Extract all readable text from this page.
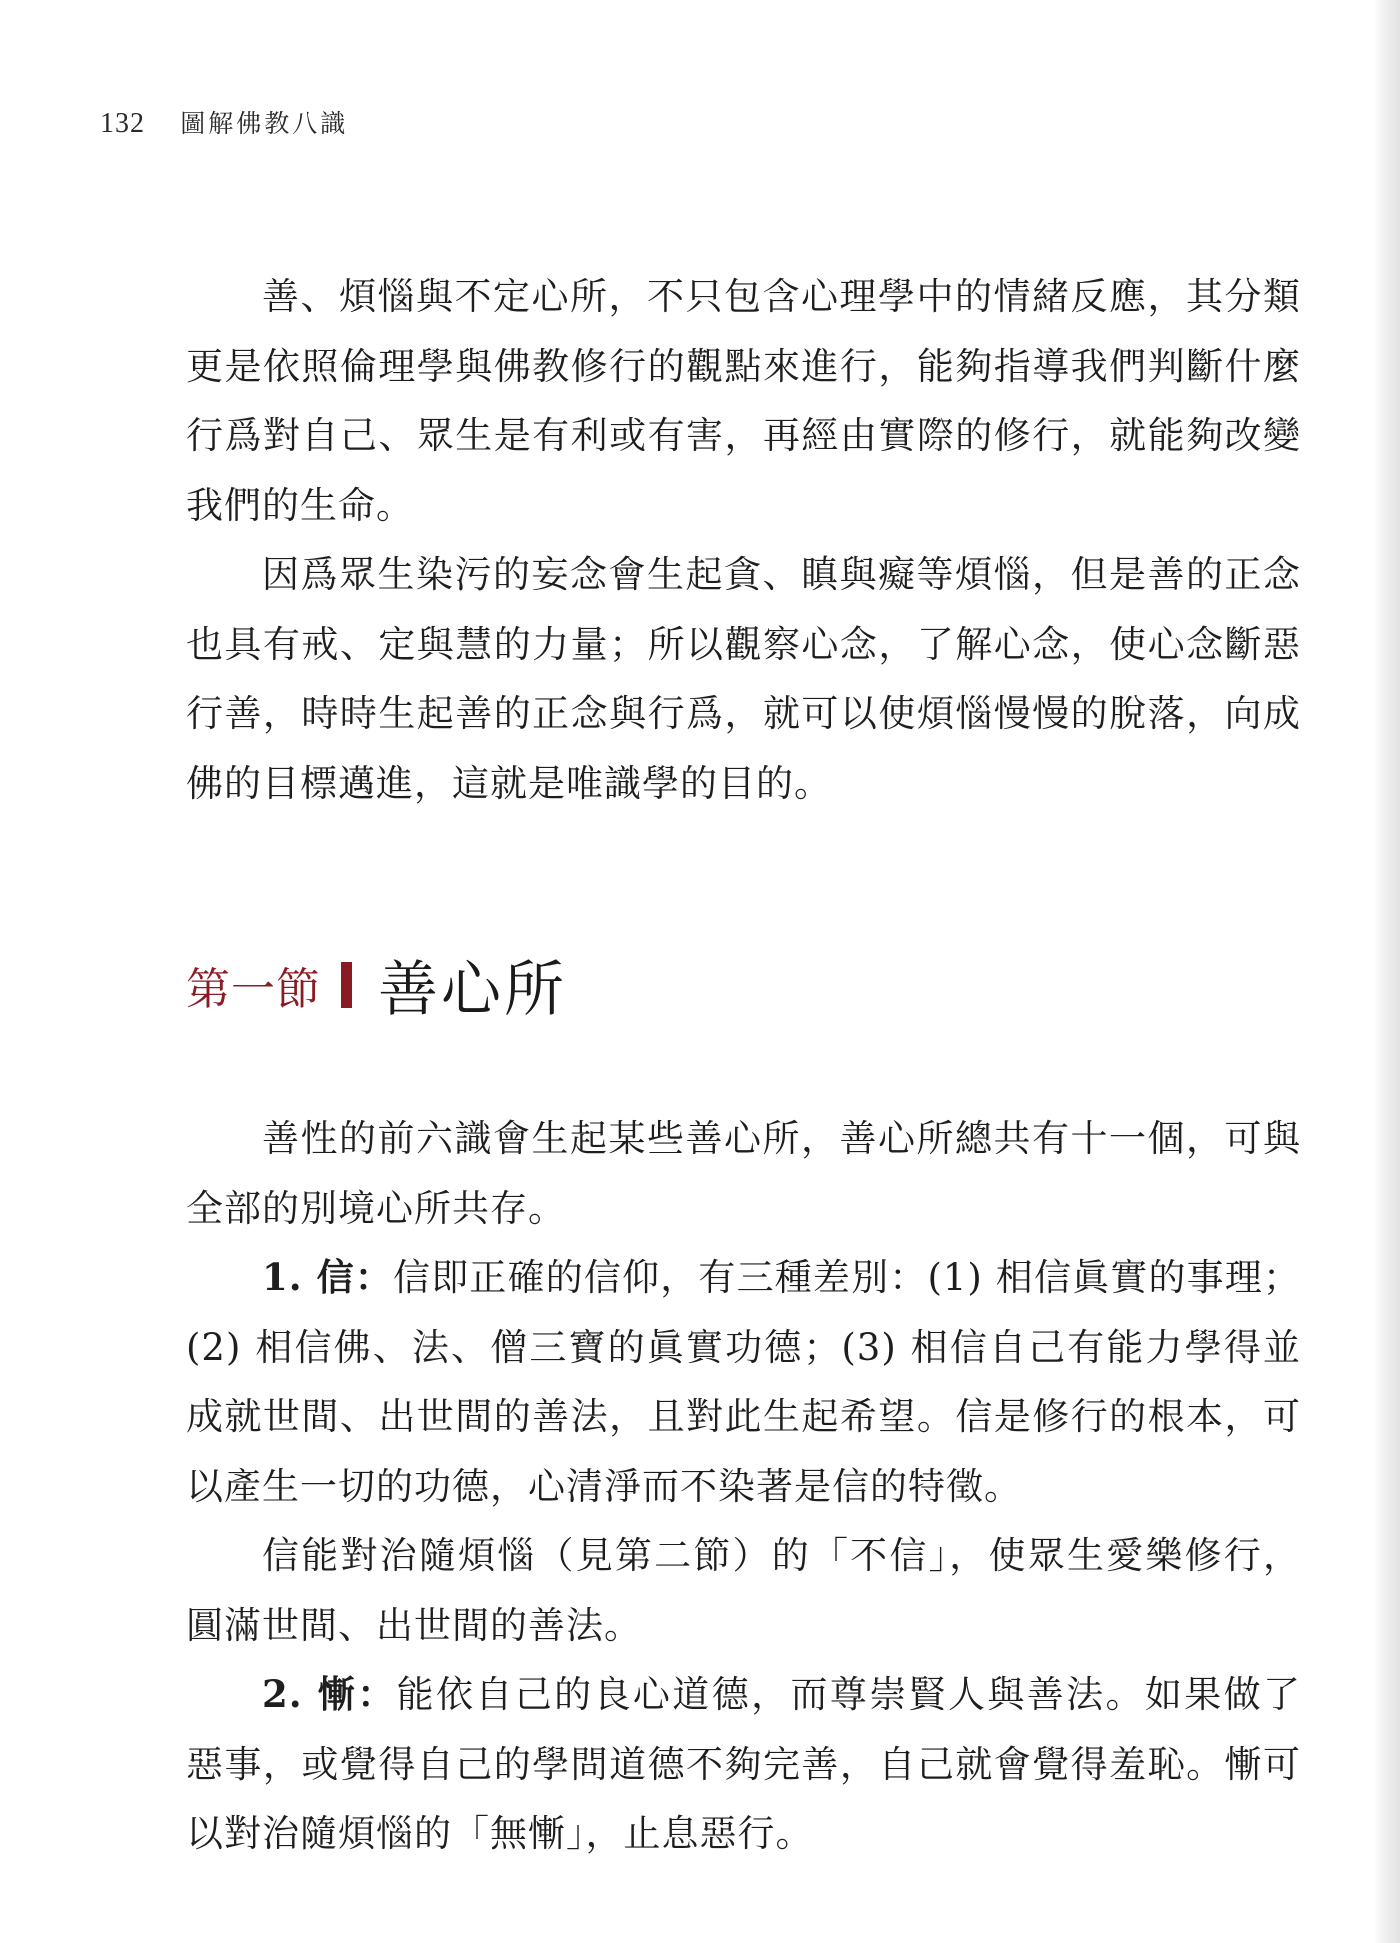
132 圖解佛教八識

善、煩惱與不定心所，不只包含心理學中的情緒反應，其分類更是依照倫理學與佛教修行的觀點來進行，能夠指導我們判斷什麼行爲對自己、眾生是有利或有害，再經由實際的修行，就能夠改變我們的生命。

因爲眾生染污的妄念會生起貪、瞋與癡等煩惱，但是善的正念也具有戒、定與慧的力量；所以觀察心念，了解心念，使心念斷惡行善，時時生起善的正念與行爲，就可以使煩惱慢慢的脫落，向成佛的目標邁進，這就是唯識學的目的。

第一節 善心所

善性的前六識會生起某些善心所，善心所總共有十一個，可與全部的別境心所共存。

1. 信：信即正確的信仰，有三種差別：(1) 相信眞實的事理；(2) 相信佛、法、僧三寶的眞實功德；(3) 相信自己有能力學得並成就世間、出世間的善法，且對此生起希望。信是修行的根本，可以產生一切的功德，心清淨而不染著是信的特徵。

信能對治隨煩惱（見第二節）的「不信」，使眾生愛樂修行，圓滿世間、出世間的善法。

2. 慚：能依自己的良心道德，而尊崇賢人與善法。如果做了惡事，或覺得自己的學問道德不夠完善，自己就會覺得羞恥。慚可以對治隨煩惱的「無慚」，止息惡行。
